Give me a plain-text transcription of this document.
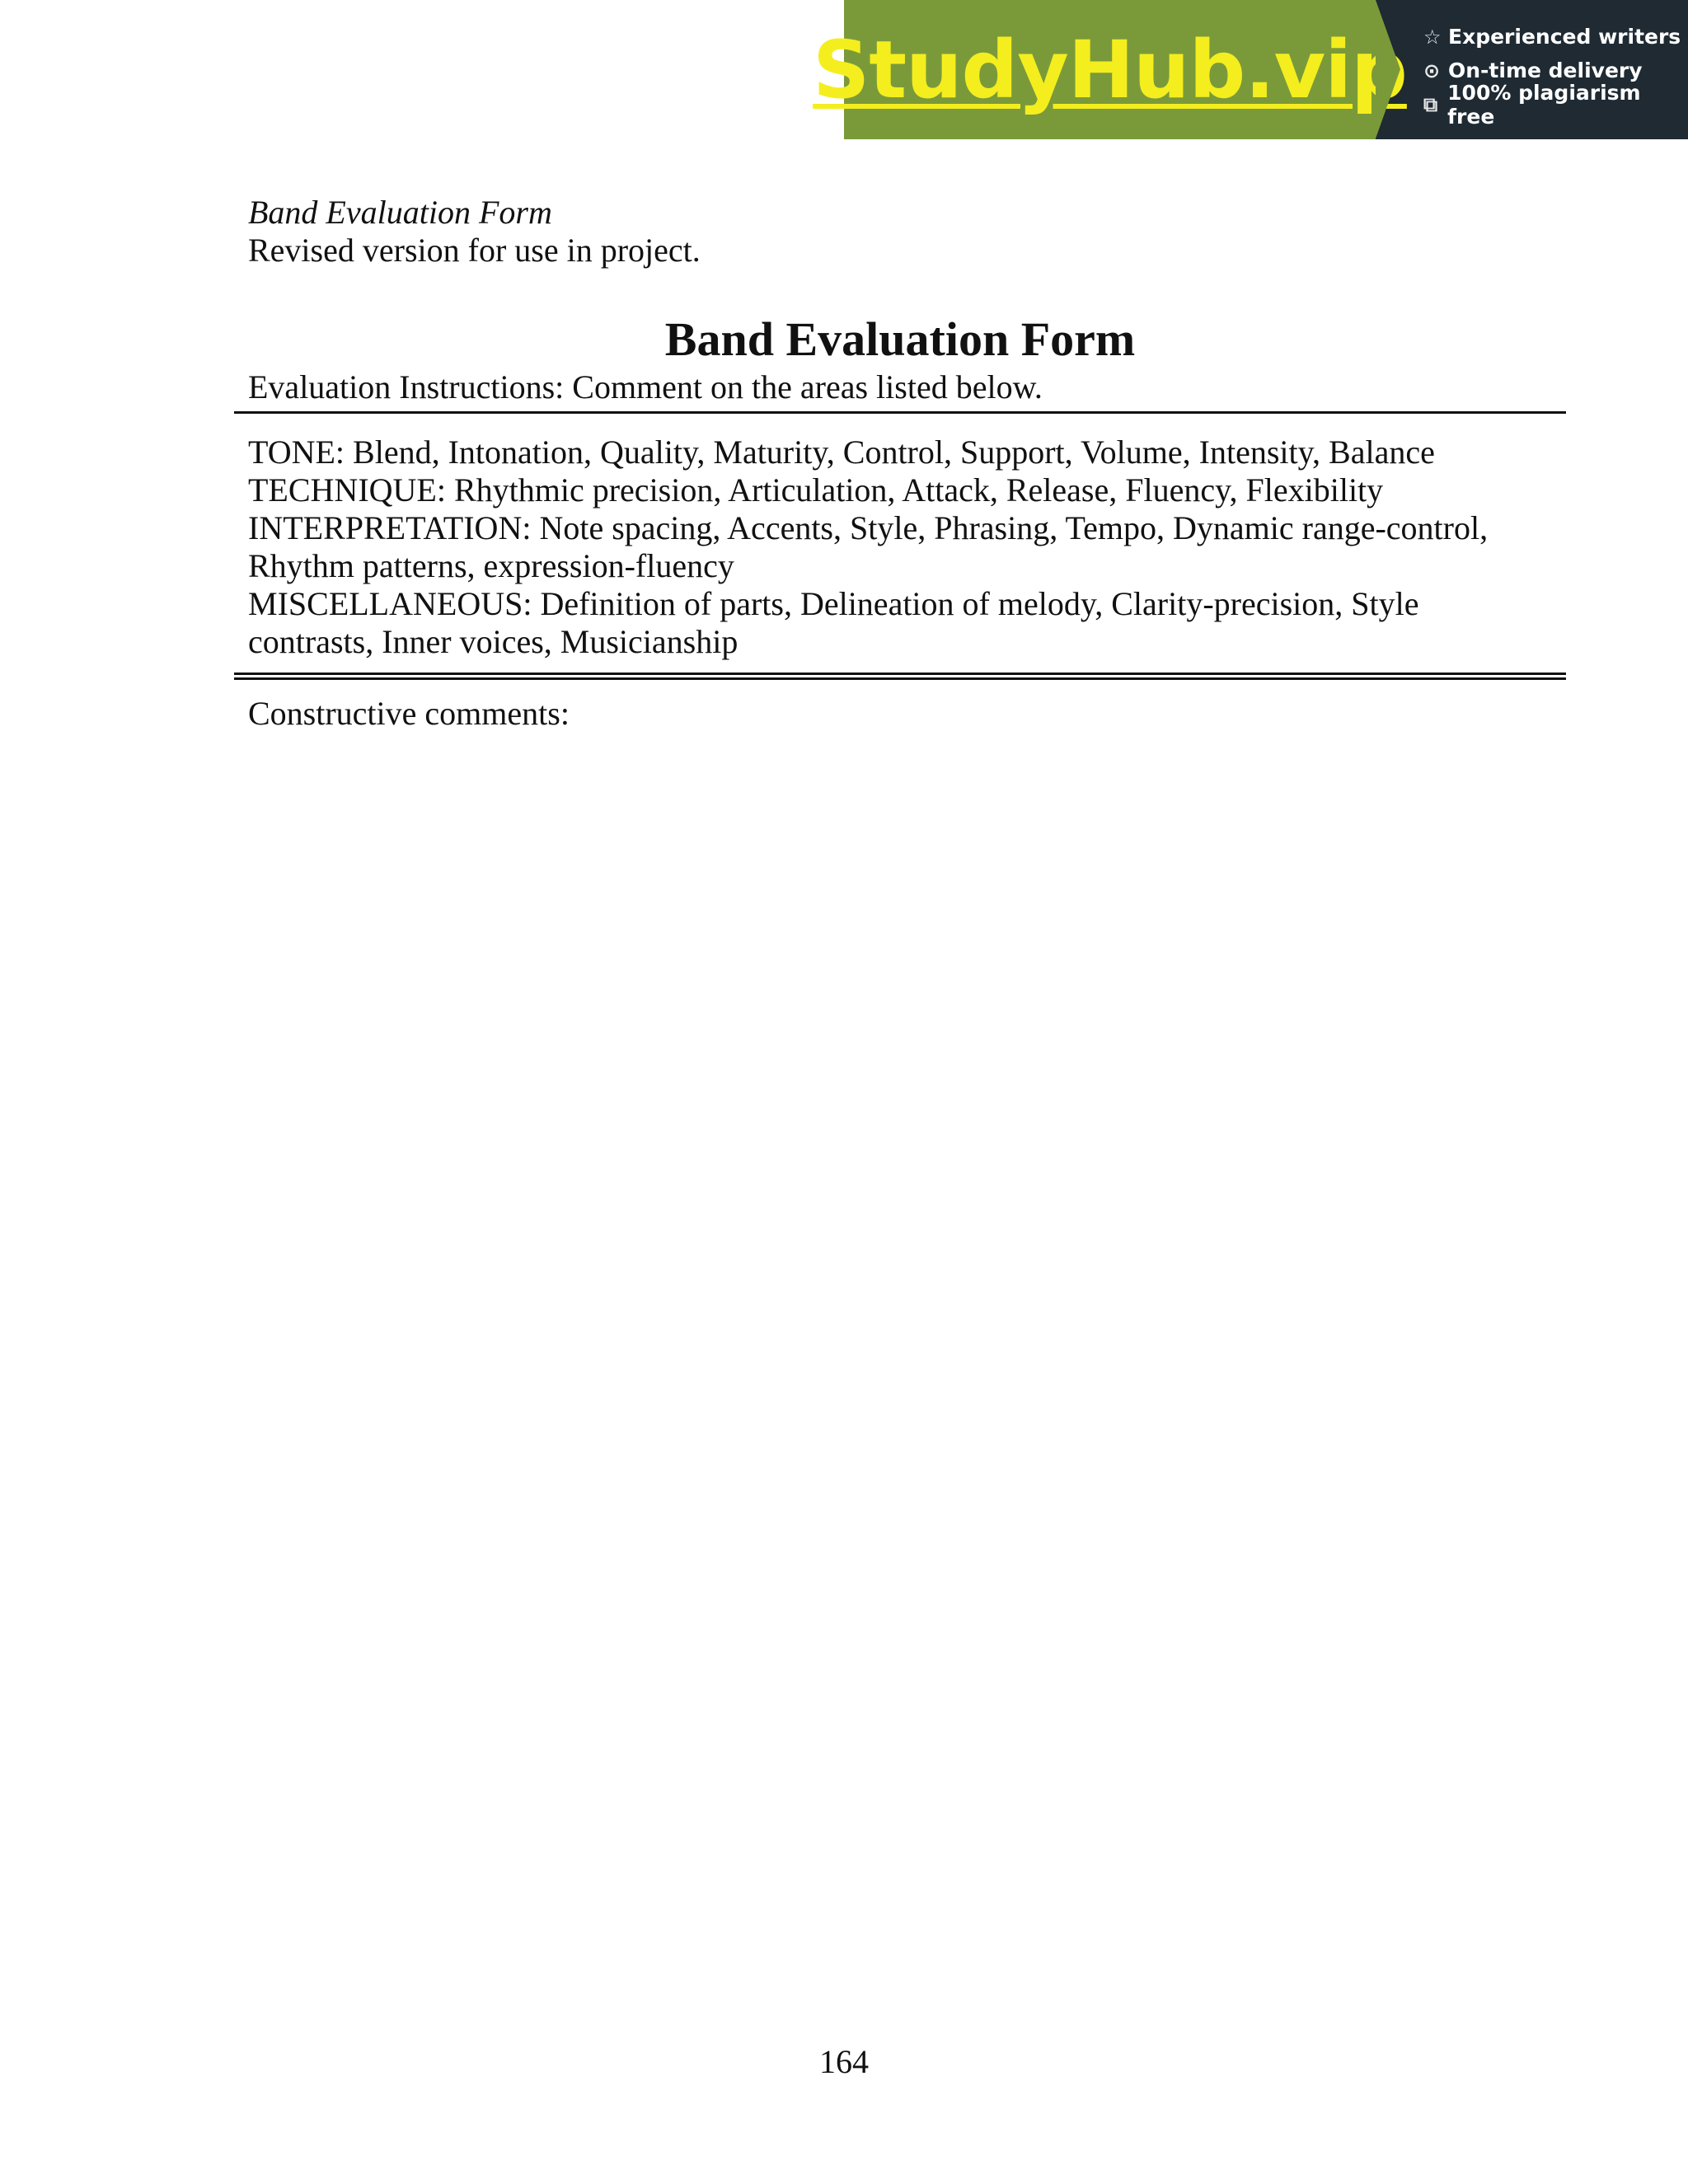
StudyHub.vip ☆ Experienced writers
⊙ On-time delivery
⧉ 100% plagiarism free
Band Evaluation Form
Revised version for use in project.
Band Evaluation Form
Evaluation Instructions: Comment on the areas listed below.

TONE: Blend, Intonation, Quality, Maturity, Control, Support, Volume, Intensity, Balance

TECHNIQUE: Rhythmic precision, Articulation, Attack, Release, Fluency, Flexibility

INTERPRETATION: Note spacing, Accents, Style, Phrasing, Tempo, Dynamic range-control, Rhythm patterns, expression-fluency

MISCELLANEOUS: Definition of parts, Delineation of melody, Clarity-precision, Style contrasts, Inner voices, Musicianship

Constructive comments:
164
